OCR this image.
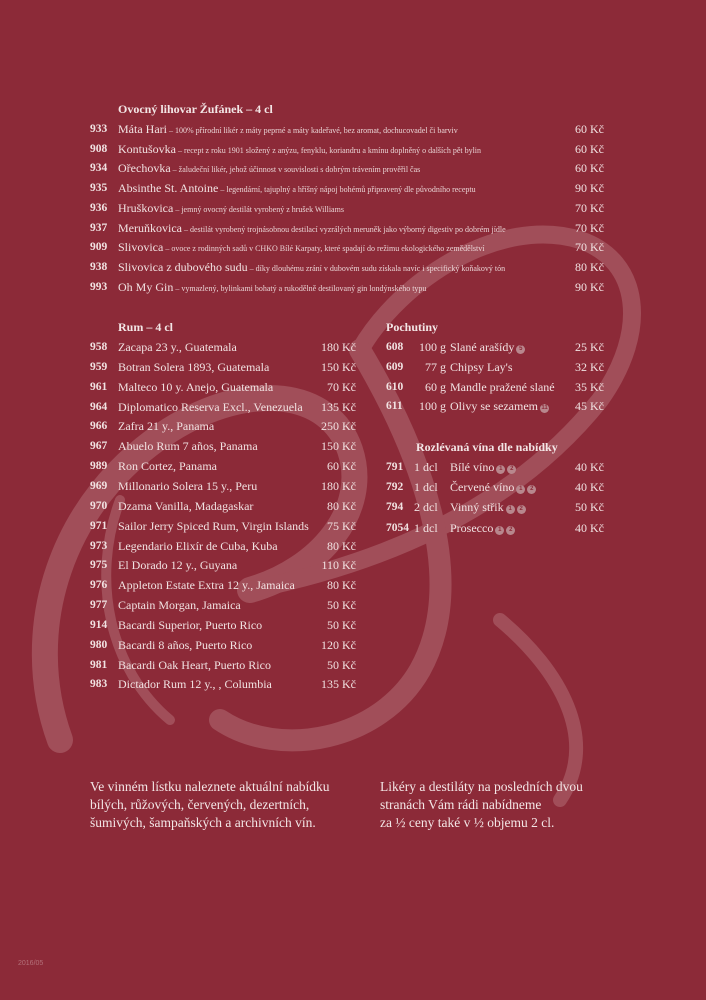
Ovocný lihovar Žufánek – 4 cl
933 Máta Hari – 100% přírodní likér z máty peprné a máty kadeřavé, bez aromat, dochucovadel či barviv	60 Kč
908 Kontušovka – recept z roku 1901 složený z anýzu, fenyklu, koriandru a kmínu doplněný o dalších pět bylin	60 Kč
934 Ořechovka – žaludeční likér, jehož účinnost v souvislosti s dobrým trávením prověřil čas	60 Kč
935 Absinthe St. Antoine – legendární, tajuplný a hříšný nápoj bohémů připravený dle původního receptu	90 Kč
936 Hruškovica – jemný ovocný destilát vyrobený z hrušek Williams	70 Kč
937 Meruňkovica – destilát vyrobený trojnásobnou destilací vyzrálých meruněk jako výborný digestiv po dobrém jídle	70 Kč
909 Slivovica – ovoce z rodinných sadů v CHKO Bílé Karpaty, které spadají do režimu ekologického zemědělství	70 Kč
938 Slivovica z dubového sudu – díky dlouhému zrání v dubovém sudu získala navíc i specifický koňakový tón	80 Kč
993 Oh My Gin – vymazlený, bylinkami bohatý a rukodělně destilovaný gin londýnského typu	90 Kč
Rum – 4 cl
958 Zacapa 23 y., Guatemala	180 Kč
959 Botran Solera 1893, Guatemala	150 Kč
961 Malteco 10 y. Anejo, Guatemala	70 Kč
964 Diplomatico Reserva Excl., Venezuela 135 Kč
966 Zafra 21 y., Panama	250 Kč
967 Abuelo Rum 7 años, Panama	150 Kč
989 Ron Cortez, Panama	60 Kč
969 Millonario Solera 15 y., Peru	180 Kč
970 Dzama Vanilla, Madagaskar	80 Kč
971 Sailor Jerry Spiced Rum, Virgin Islands 75 Kč
973 Legendario Elixír de Cuba, Kuba	80 Kč
975 El Dorado 12 y., Guyana	110 Kč
976 Appleton Estate Extra 12 y., Jamaica	80 Kč
977 Captain Morgan, Jamaica	50 Kč
914 Bacardi Superior, Puerto Rico	50 Kč
980 Bacardi 8 años, Puerto Rico	120 Kč
981 Bacardi Oak Heart, Puerto Rico	50 Kč
983 Dictador Rum 12 y., , Columbia	135 Kč
Pochutiny
608	100 g Slané arašídy 5	25 Kč
609	77 g Chipsy Lay's	32 Kč
610	60 g Mandle pražené slané 35 Kč
611	100 g Olivy se sezamem 11 45 Kč
Rozlévaná vína dle nabídky
791 1 dcl Bílé víno 1 2	40 Kč
792 1 dcl Červené víno 1 2	40 Kč
794 2 dcl Vinný střik 1 2	50 Kč
7054 1 dcl Prosecco 1 2	40 Kč
Ve vinném lístku naleznete aktuální nabídku
bílých, růžových, červených, dezertních,
šumivých, šampaňských a archivních vín.
Likéry a destiláty na posledních dvou
stranách Vám rádi nabídneme
za ½ ceny také v ½ objemu 2 cl.
2016/05
